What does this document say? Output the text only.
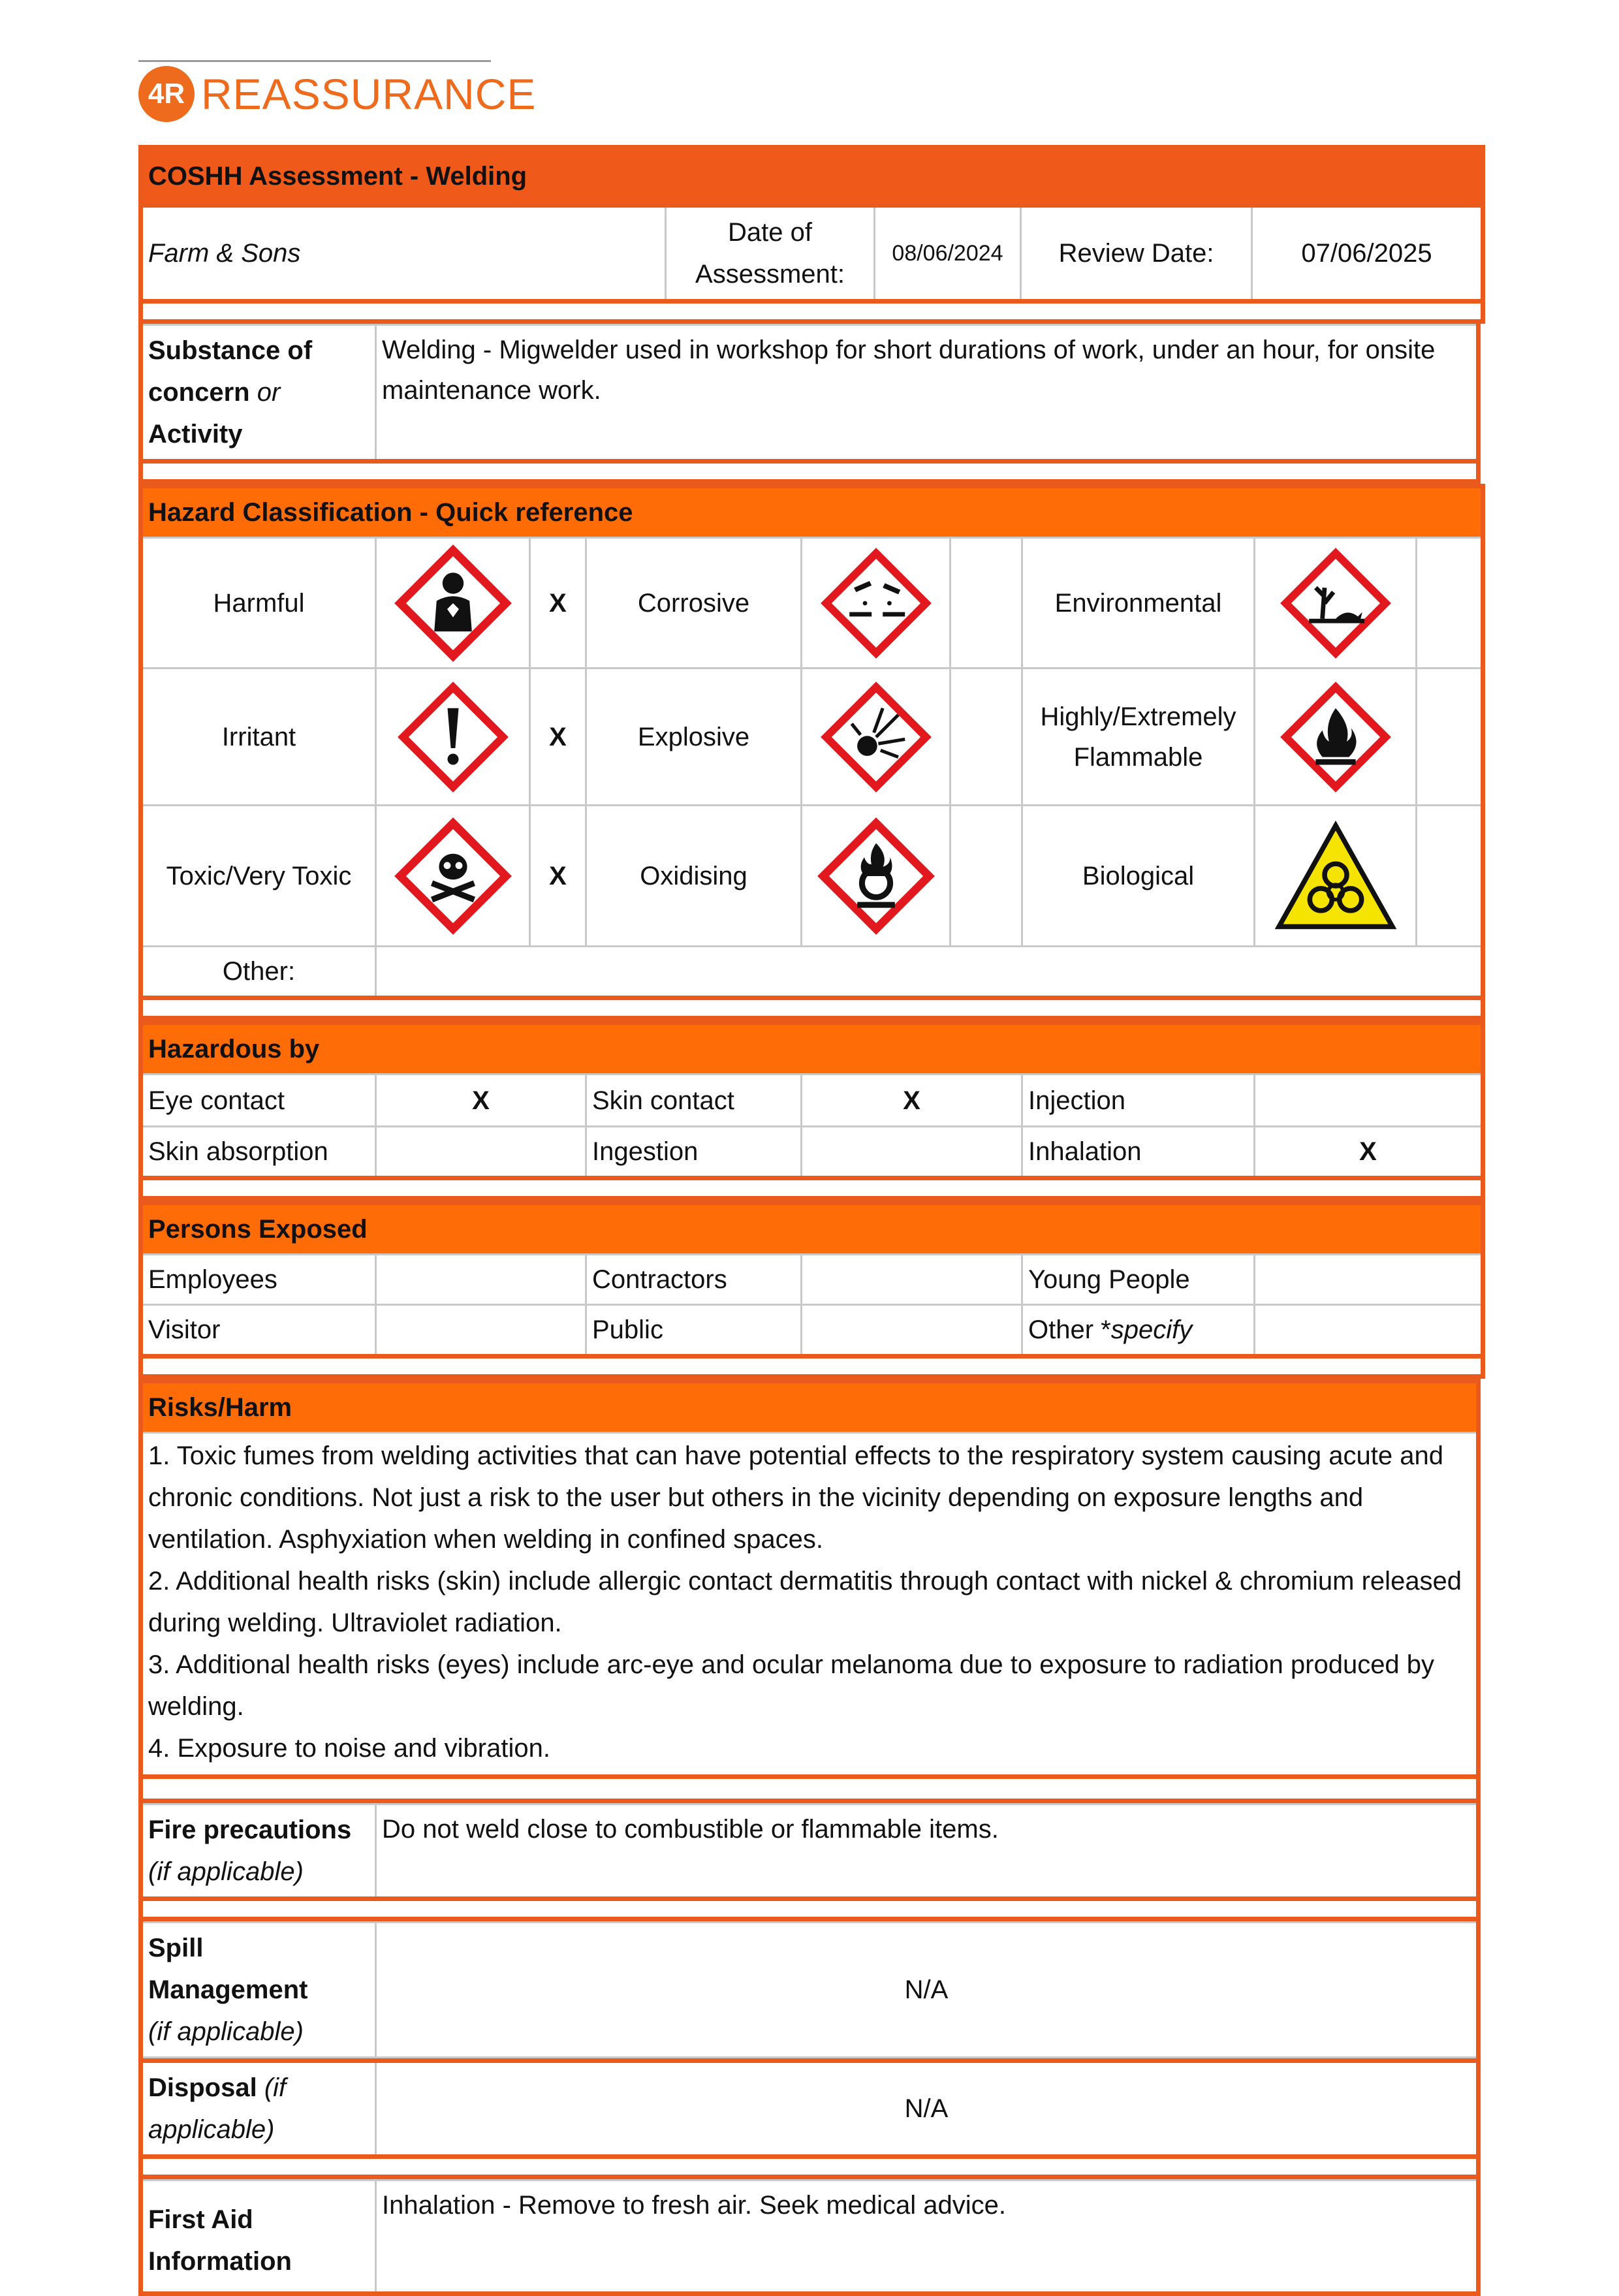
4R REASSURANCE
COSHH Assessment - Welding
Farm & Sons	Date of Assessment:	08/06/2024	Review Date:	07/06/2025

Substance of concern or Activity	Welding - Migwelder used in workshop for short durations of work, under an hour, for onsite maintenance work.

Hazard Classification - Quick reference								
Harmful		X	Corrosive			Environmental	

Irritant		X	Explosive			Highly/Extremely Flammable	

Toxic/Very Toxic		X	Oxidising			Biological	

Other:								

Hazardous by					
Eye contact	X	Skin contact	X	Injection	
Skin absorption		Ingestion		Inhalation	X

Persons Exposed					
Employees		Contractors		Young People	
Visitor		Public		Other *specify	

Risks/Harm

1. Toxic fumes from welding activities that can have potential effects to the respiratory system causing acute and chronic conditions. Not just a risk to the user but others in the vicinity depending on exposure lengths and ventilation. Asphyxiation when welding in confined spaces.

2. Additional health risks (skin) include allergic contact dermatitis through contact with nickel & chromium released during welding. Ultraviolet radiation.

3. Additional health risks (eyes) include arc-eye and ocular melanoma due to exposure to radiation produced by welding.

4. Exposure to noise and vibration.

Fire precautions
(if applicable)
	Do not weld close to combustible or flammable items.

Spill Management
(if applicable)
	N/A
Disposal (if
applicable)	N/A

First Aid Information	Inhalation - Remove to fresh air. Seek medical advice.
